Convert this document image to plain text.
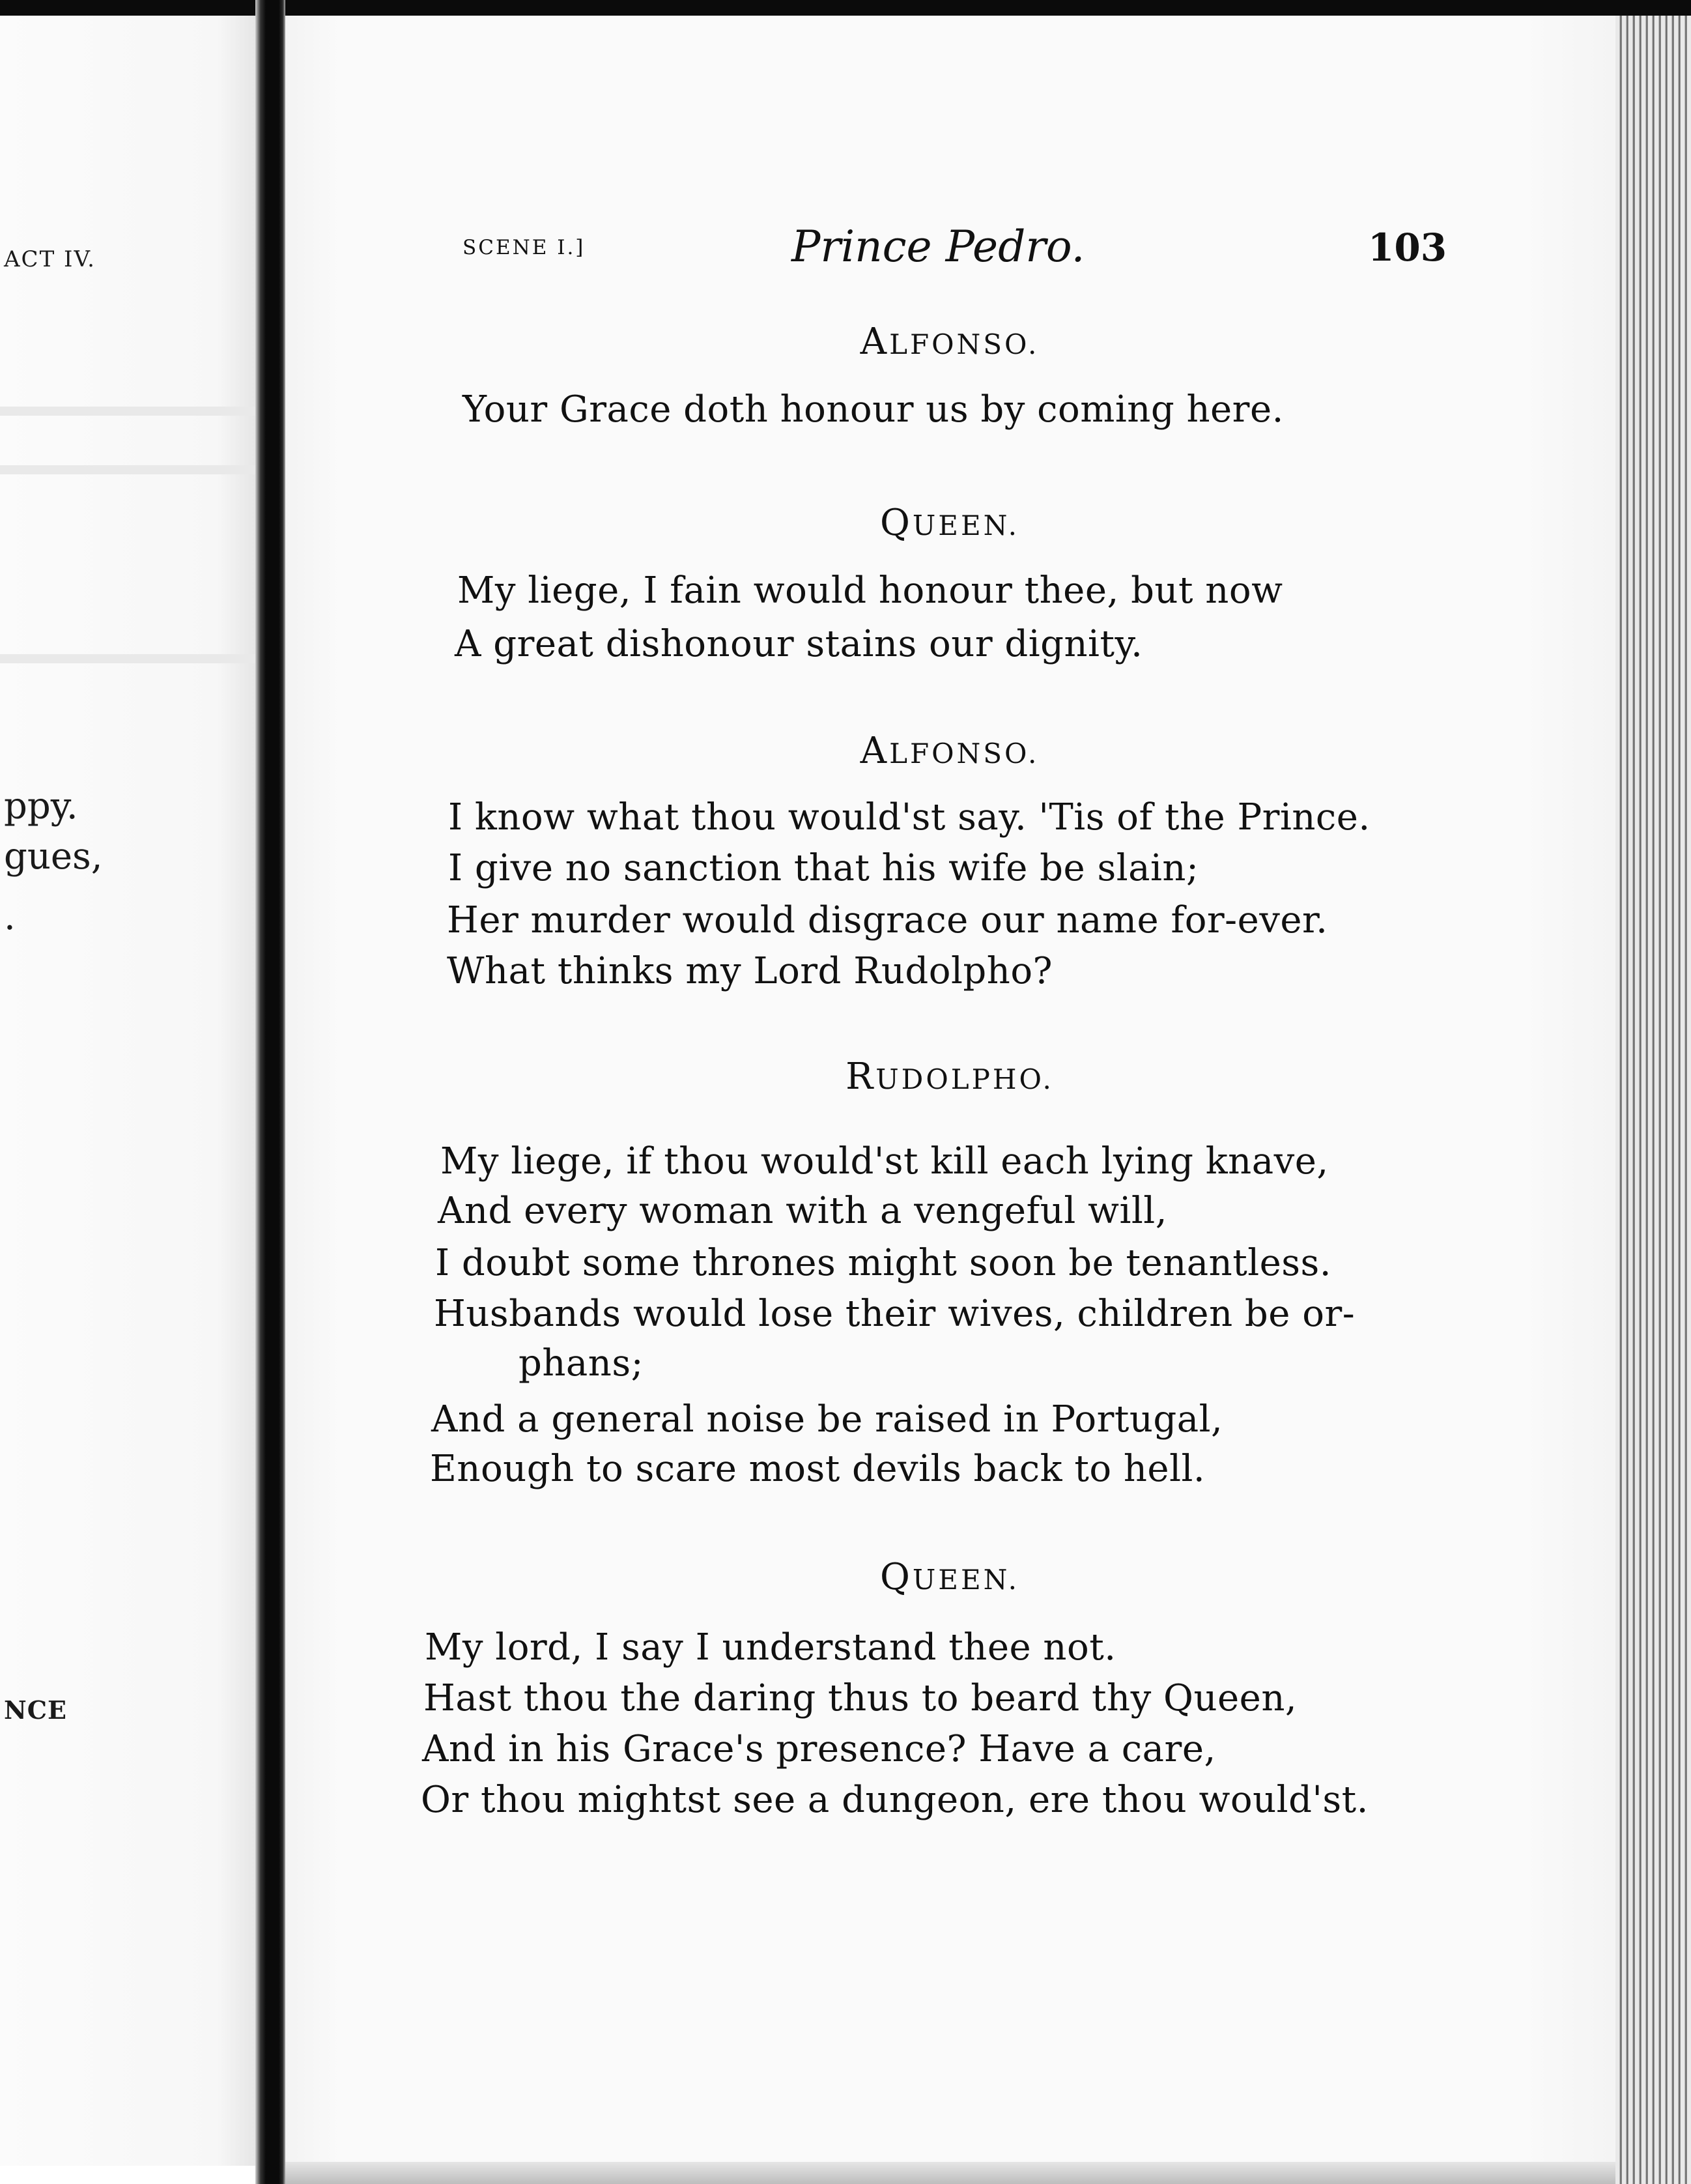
ACT IV.
ppy.
gues,
.
NCE
SCENE I.]	Prince Pedro.	103
ALFONSO.
Your Grace doth honour us by coming here.
QUEEN.
My liege, I fain would honour thee, but now
A great dishonour stains our dignity.
ALFONSO.
I know what thou would'st say. 'Tis of the Prince.
I give no sanction that his wife be slain;
Her murder would disgrace our name for-ever.
What thinks my Lord Rudolpho?
RUDOLPHO.
My liege, if thou would'st kill each lying knave,
And every woman with a vengeful will,
I doubt some thrones might soon be tenantless.
Husbands would lose their wives, children be or-
phans;
And a general noise be raised in Portugal,
Enough to scare most devils back to hell.
QUEEN.
My lord, I say I understand thee not.
Hast thou the daring thus to beard thy Queen,
And in his Grace's presence? Have a care,
Or thou mightst see a dungeon, ere thou would'st.
